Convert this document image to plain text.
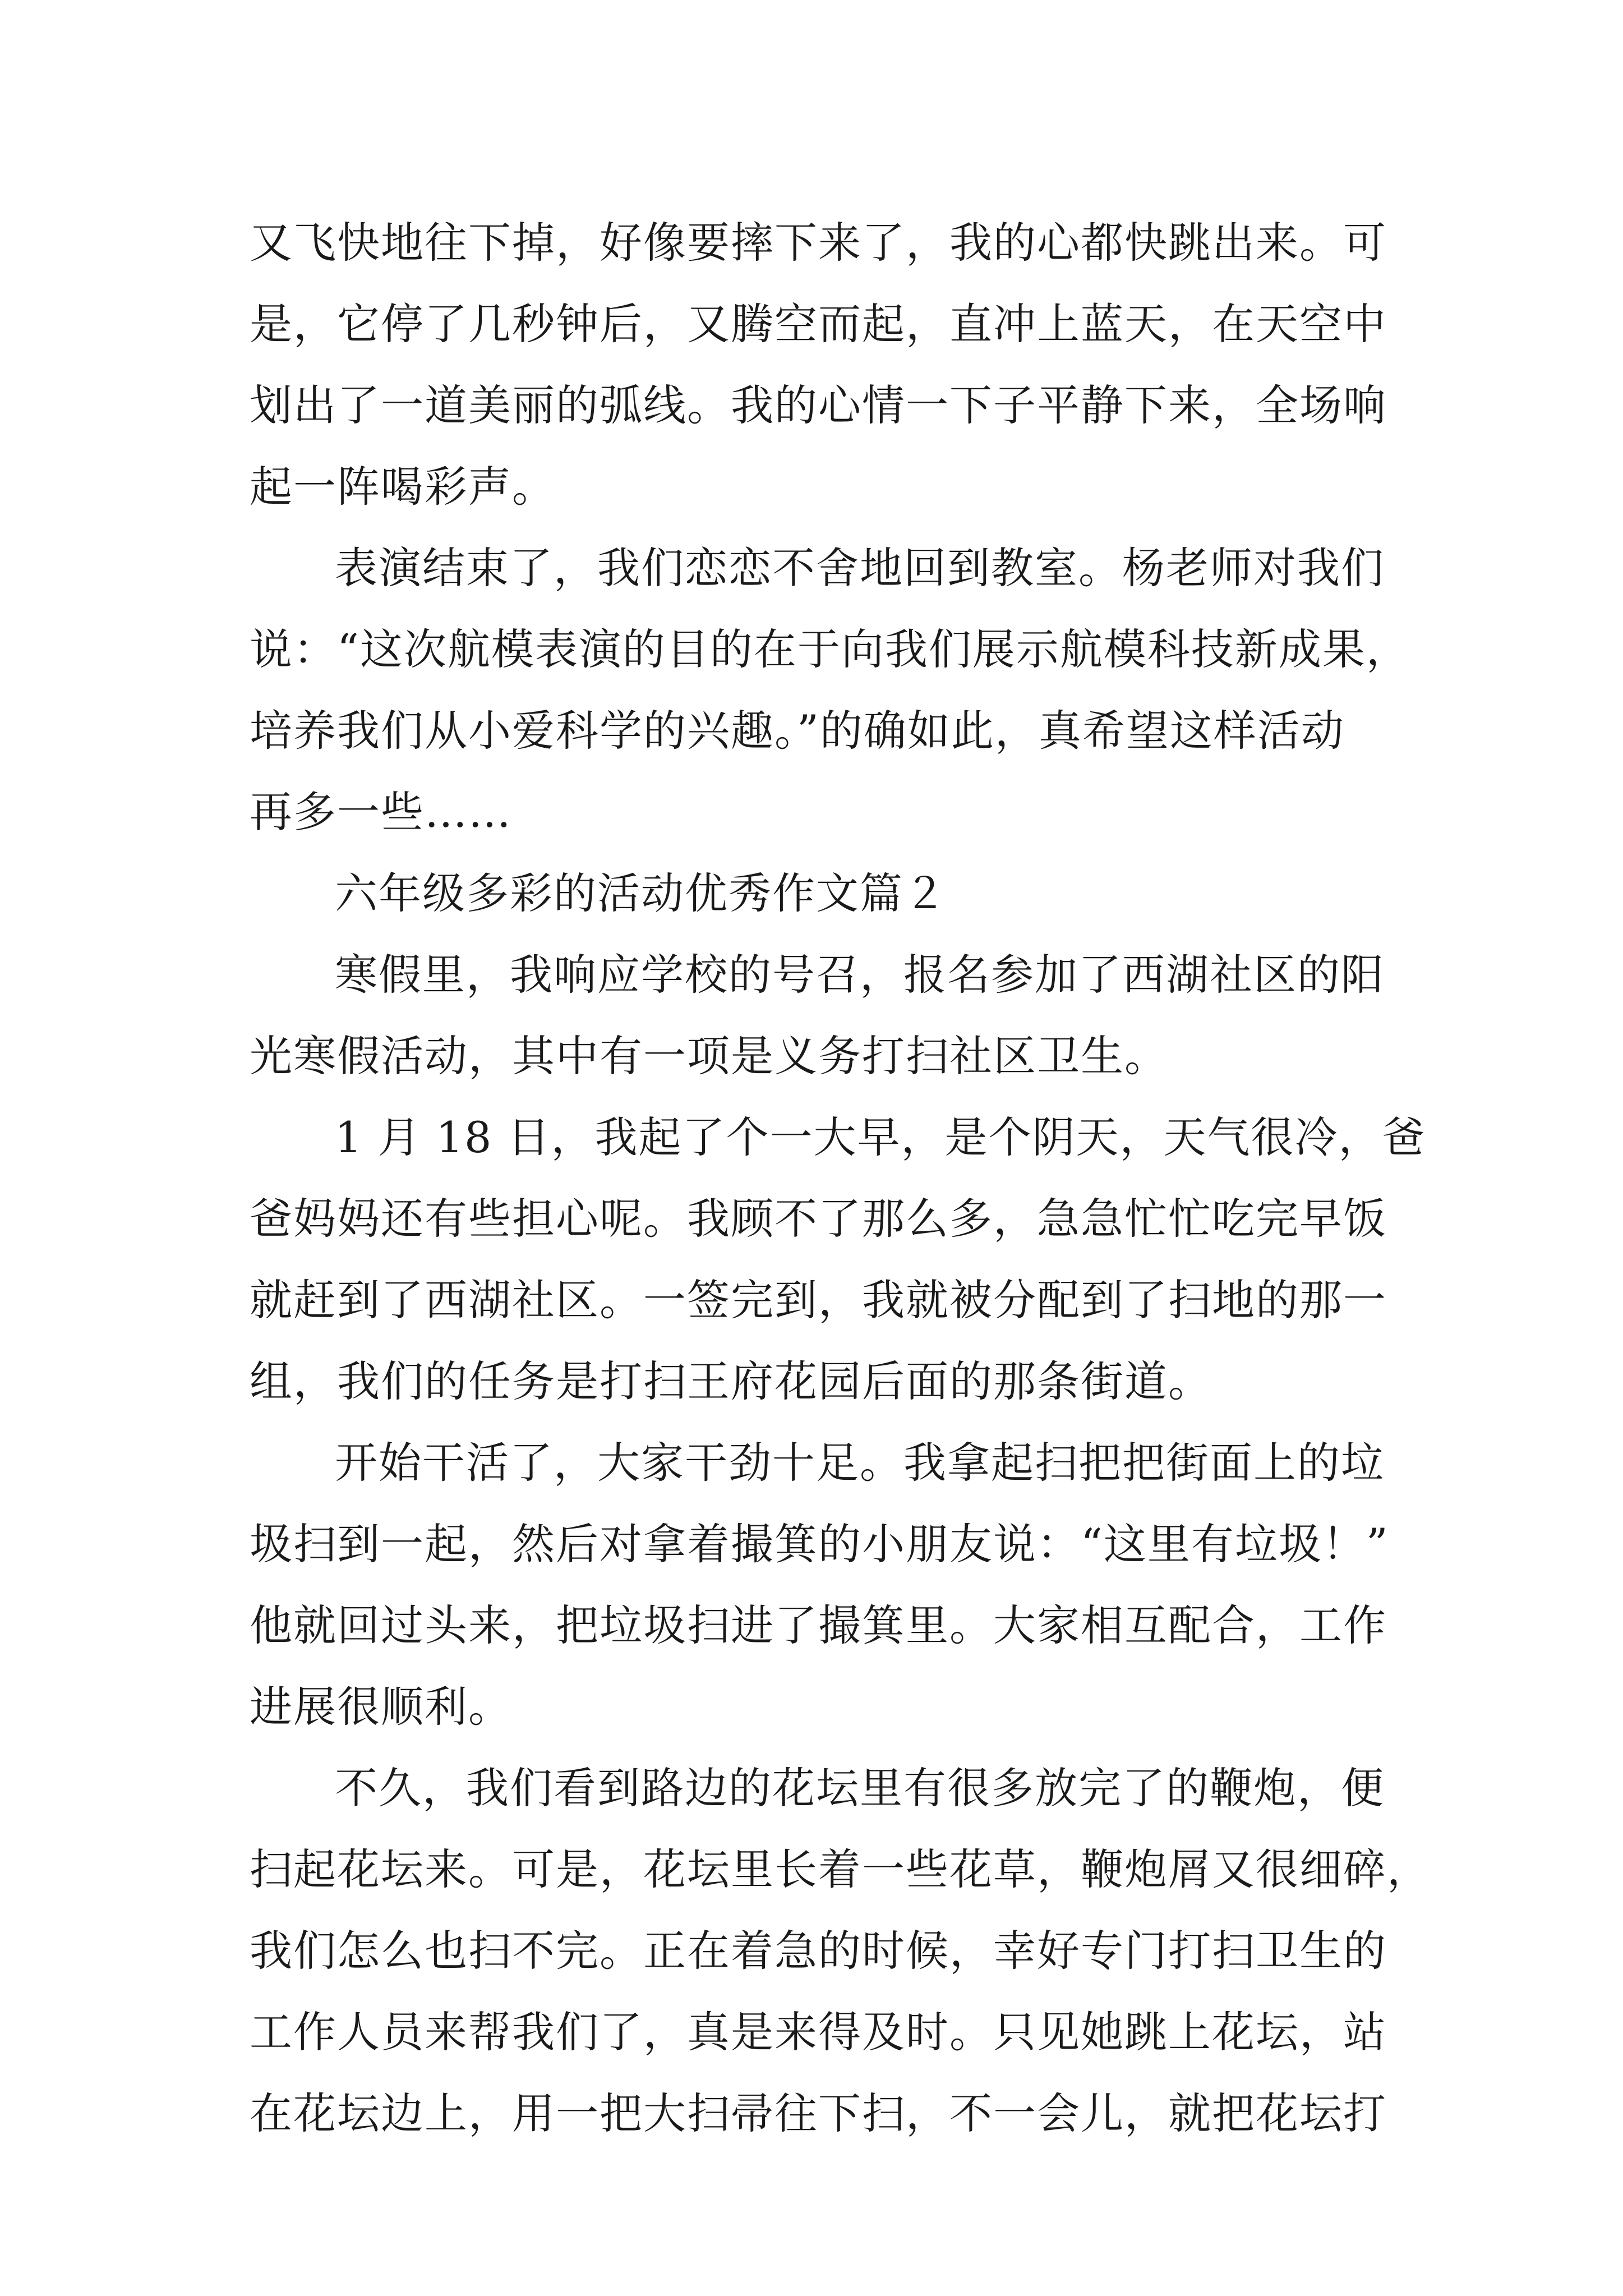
又飞快地往下掉，好像要摔下来了，我的心都快跳出来。可
是，它停了几秒钟后，又腾空而起，直冲上蓝天，在天空中
划出了一道美丽的弧线。我的心情一下子平静下来，全场响
起一阵喝彩声。
表演结束了，我们恋恋不舍地回到教室。杨老师对我们
说：“这次航模表演的目的在于向我们展示航模科技新成果，
培养我们从小爱科学的兴趣。”的确如此，真希望这样活动
再多一些……
六年级多彩的活动优秀作文篇２
寒假里，我响应学校的号召，报名参加了西湖社区的阳
光寒假活动，其中有一项是义务打扫社区卫生。
1 月 18 日，我起了个一大早，是个阴天，天气很冷，爸
爸妈妈还有些担心呢。我顾不了那么多，急急忙忙吃完早饭
就赶到了西湖社区。一签完到，我就被分配到了扫地的那一
组，我们的任务是打扫王府花园后面的那条街道。
开始干活了，大家干劲十足。我拿起扫把把街面上的垃
圾扫到一起，然后对拿着撮箕的小朋友说：“这里有垃圾！”
他就回过头来，把垃圾扫进了撮箕里。大家相互配合，工作
进展很顺利。
不久，我们看到路边的花坛里有很多放完了的鞭炮，便
扫起花坛来。可是，花坛里长着一些花草，鞭炮屑又很细碎，
我们怎么也扫不完。正在着急的时候，幸好专门打扫卫生的
工作人员来帮我们了，真是来得及时。只见她跳上花坛，站
在花坛边上，用一把大扫帚往下扫，不一会儿，就把花坛打
